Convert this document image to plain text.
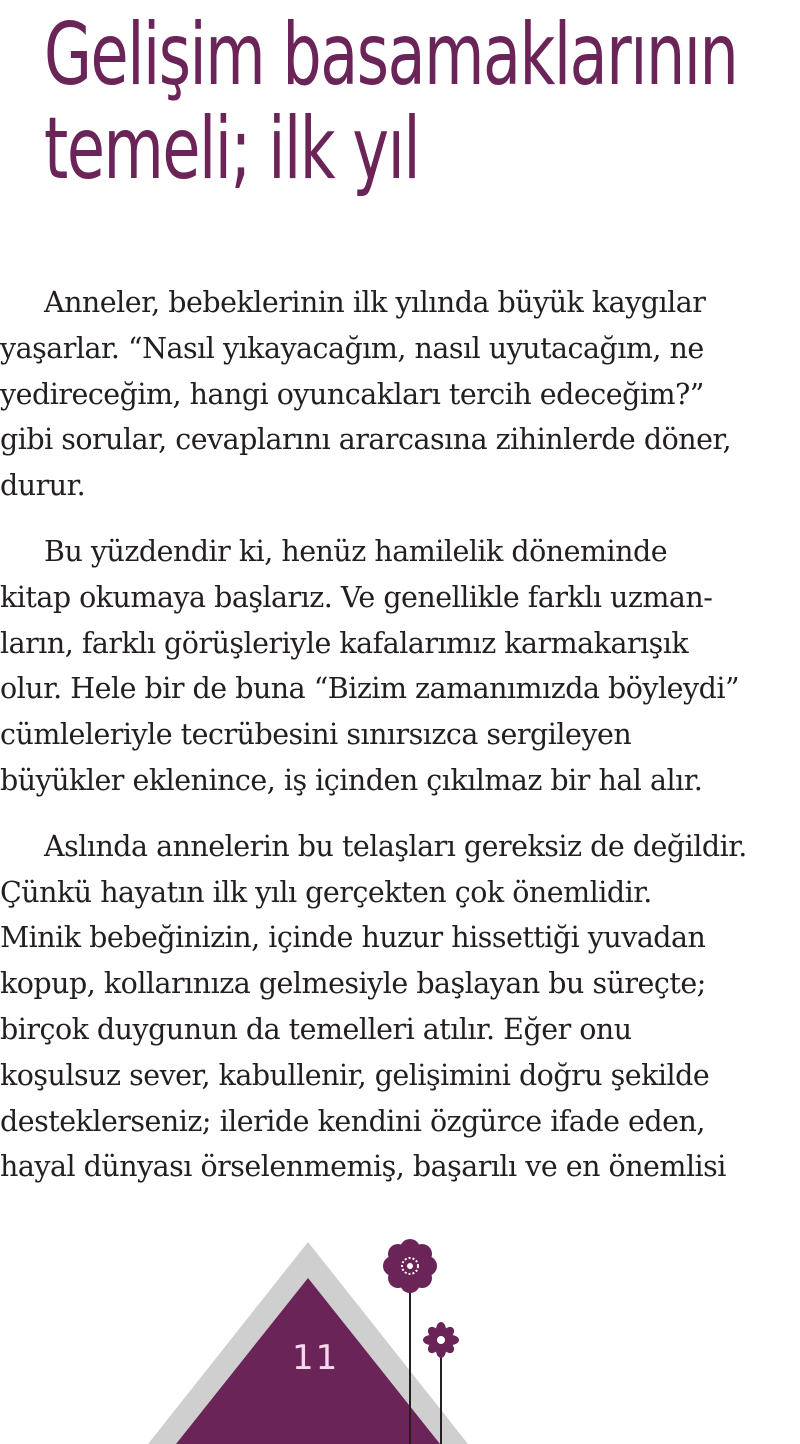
Gelişim basamaklarının
temeli; ilk yıl

Anneler, bebeklerinin ilk yılında büyük kaygılar
yaşarlar. “Nasıl yıkayacağım, nasıl uyutacağım, ne
yedireceğim, hangi oyuncakları tercih edeceğim?”
gibi sorular, cevaplarını ararcasına zihinlerde döner,
durur.

Bu yüzdendir ki, henüz hamilelik döneminde
kitap okumaya başlarız. Ve genellikle farklı uzman-
ların, farklı görüşleriyle kafalarımız karmakarışık
olur. Hele bir de buna “Bizim zamanımızda böyleydi”
cümleleriyle tecrübesini sınırsızca sergileyen
büyükler eklenince, iş içinden çıkılmaz bir hal alır.

Aslında annelerin bu telaşları gereksiz de değildir.
Çünkü hayatın ilk yılı gerçekten çok önemlidir.
Minik bebeğinizin, içinde huzur hissettiği yuvadan
kopup, kollarınıza gelmesiyle başlayan bu süreçte;
birçok duygunun da temelleri atılır. Eğer onu
koşulsuz sever, kabullenir, gelişimini doğru şekilde
desteklerseniz; ileride kendini özgürce ifade eden,
hayal dünyası örselenmemiş, başarılı ve en önemlisi

11
